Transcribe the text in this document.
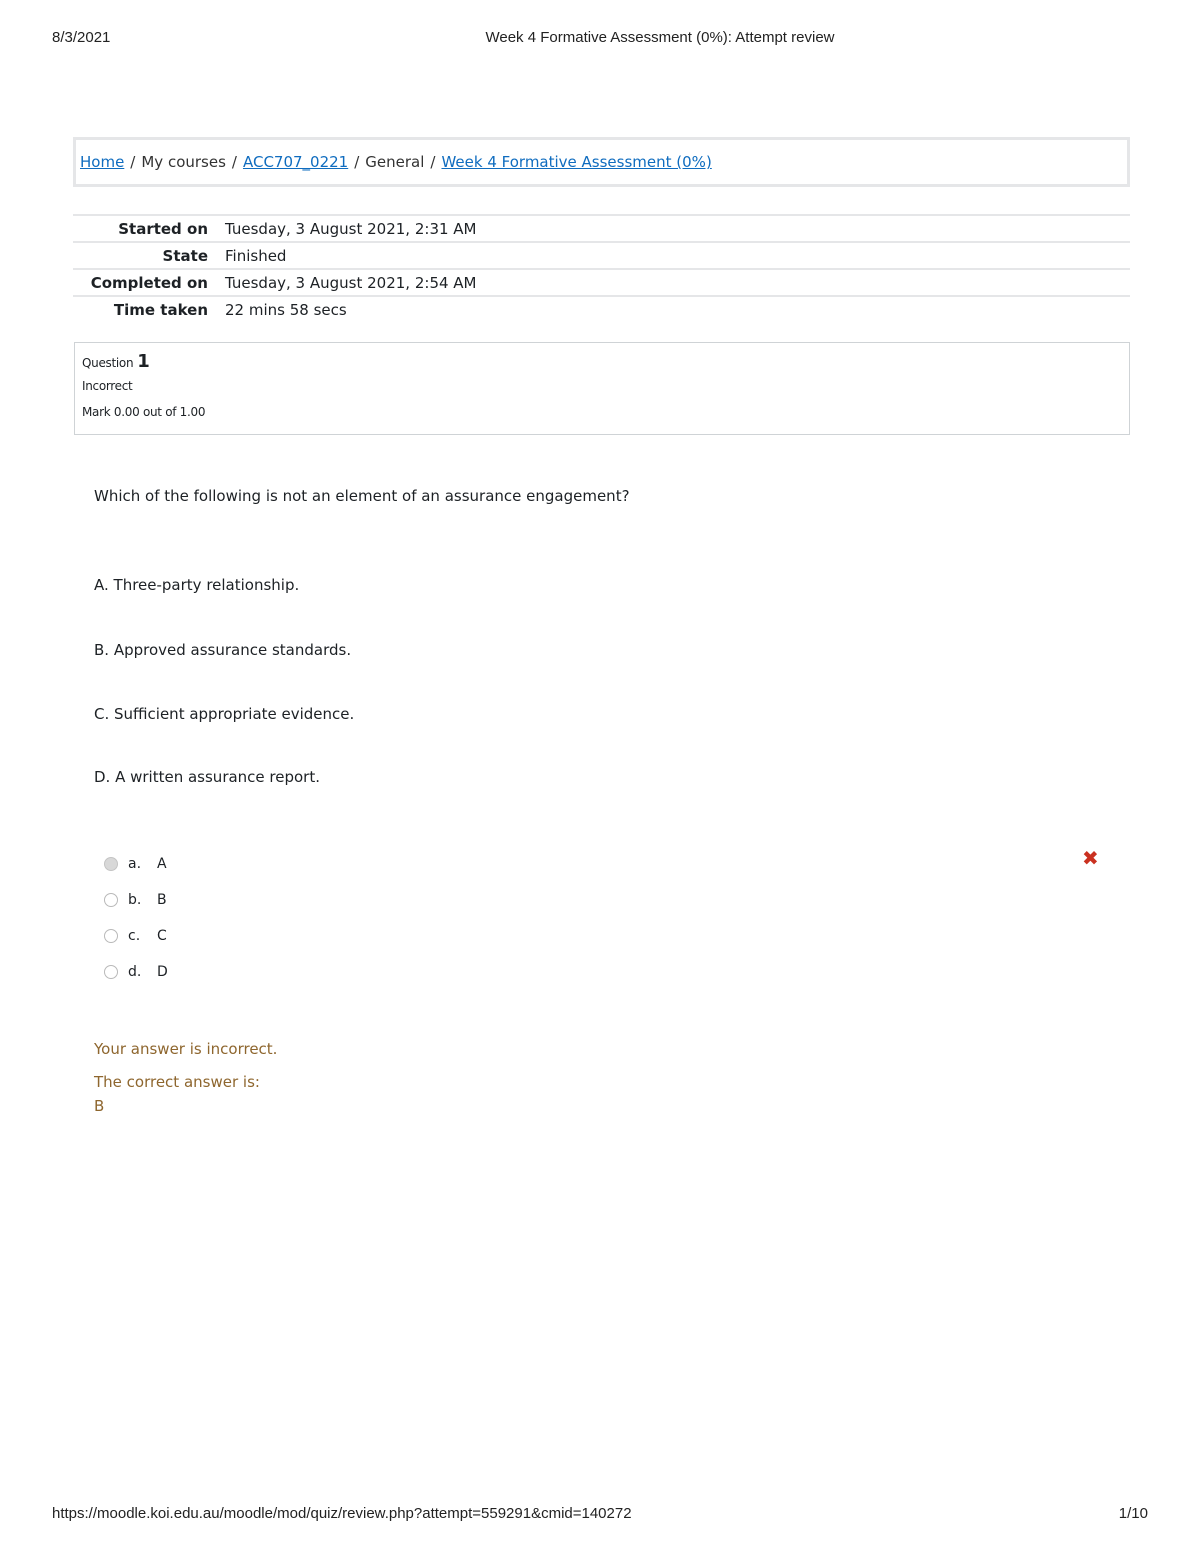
8/3/2021	Week 4 Formative Assessment (0%): Attempt review
Home / My courses / ACC707_0221 / General / Week 4 Formative Assessment (0%)
Started on	Tuesday, 3 August 2021, 2:31 AM
State	Finished
Completed on	Tuesday, 3 August 2021, 2:54 AM
Time taken	22 mins 58 secs
Question 1
Incorrect
Mark 0.00 out of 1.00
Which of the following is not an element of an assurance engagement?
A. Three-party relationship.
B. Approved assurance standards.
C. Sufficient appropriate evidence.
D. A written assurance report.
a.	A
b.	B
c.	C
d.	D
✖
Your answer is incorrect.
The correct answer is:
B
https://moodle.koi.edu.au/moodle/mod/quiz/review.php?attempt=559291&cmid=140272	1/10
